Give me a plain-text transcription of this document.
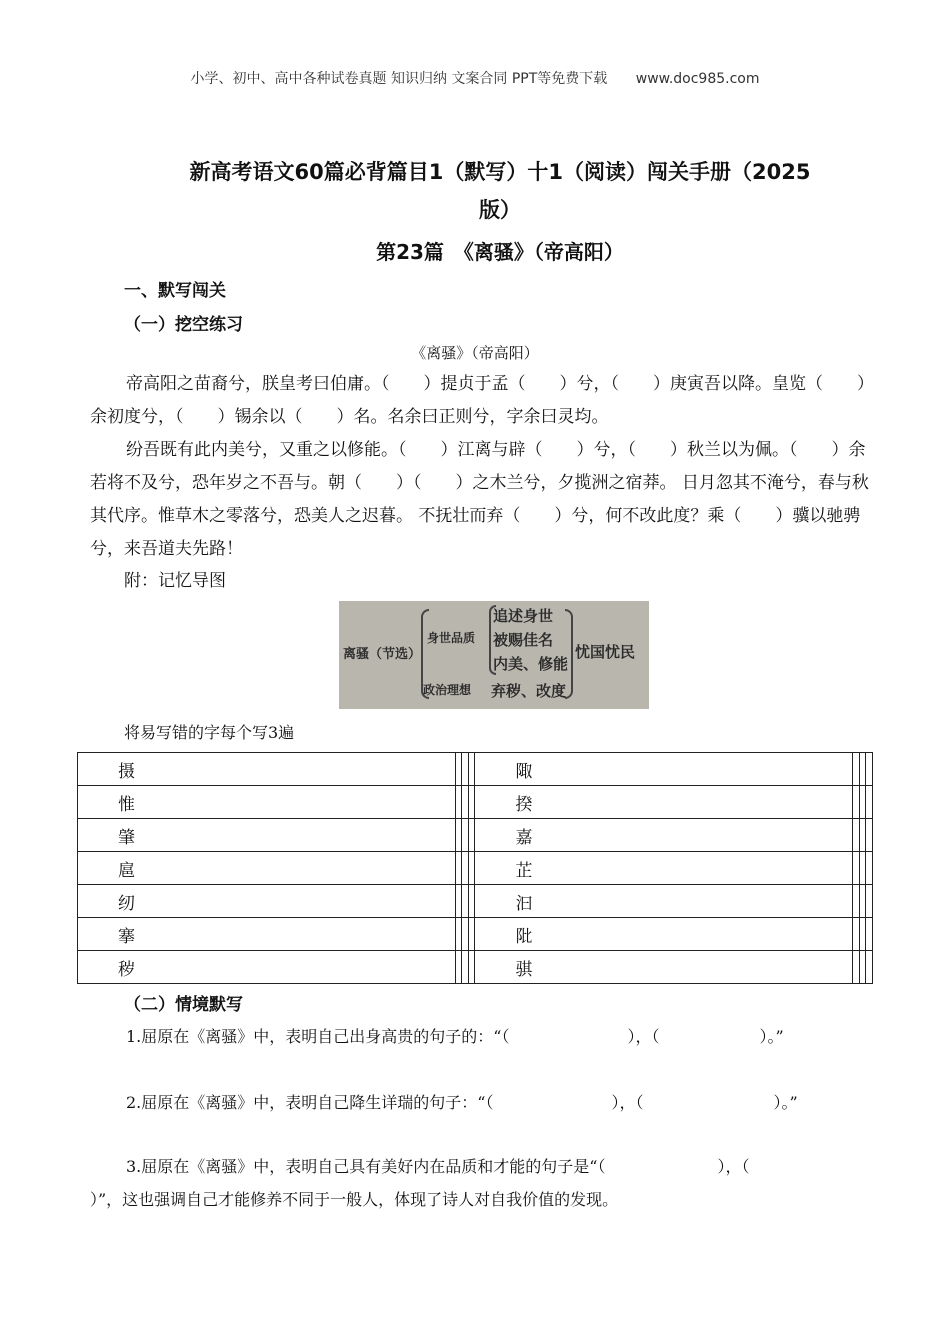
小学、初中、高中各种试卷真题 知识归纳 文案合同 PPT等免费下载 www.doc985.com
新高考语文60篇必背篇目1（默写）十1（阅读）闯关手册（2025
版）
第23篇　《离骚》（帝高阳）
一、默写闯关
（一）挖空练习
《离骚》（帝高阳）
帝高阳之苗裔兮，朕皇考曰伯庸。（　　）提贞于孟（　　）兮，（　　）庚寅吾以降。皇览（　　）余初度兮，（　　）锡余以（　　）名。名余曰正则兮，字余曰灵均。
纷吾既有此内美兮，又重之以修能。（　　）江离与辟（　　）兮，（　　）秋兰以为佩。（　　）余若将不及兮，恐年岁之不吾与。朝（　　）（　　）之木兰兮，夕揽洲之宿莽。 日月忽其不淹兮，春与秋其代序。惟草木之零落兮，恐美人之迟暮。 不抚壮而弃（　　）兮，何不改此度？乘（　　）骥以驰骋兮，来吾道夫先路！
附：记忆导图
离骚（节选）
身世品质
政治理想
追述身世
被赐佳名
内美、修能
弃秽、改度
忧国忧民
将易写错的字每个写3遍
摄				陬			
惟				揆			
肇				嘉			
扈				芷			
纫				汩			
搴				阰			
秽				骐			
（二）情境默写
1.屈原在《离骚》中，表明自己出身高贵的句子的：“（	），（	）。”
2.屈原在《离骚》中，表明自己降生详瑞的句子：“（	），（	）。”
3.屈原在《离骚》中，表明自己具有美好内在品质和才能的句子是“（	），（）”，这也强调自己才能修养不同于一般人，体现了诗人对自我价值的发现。
